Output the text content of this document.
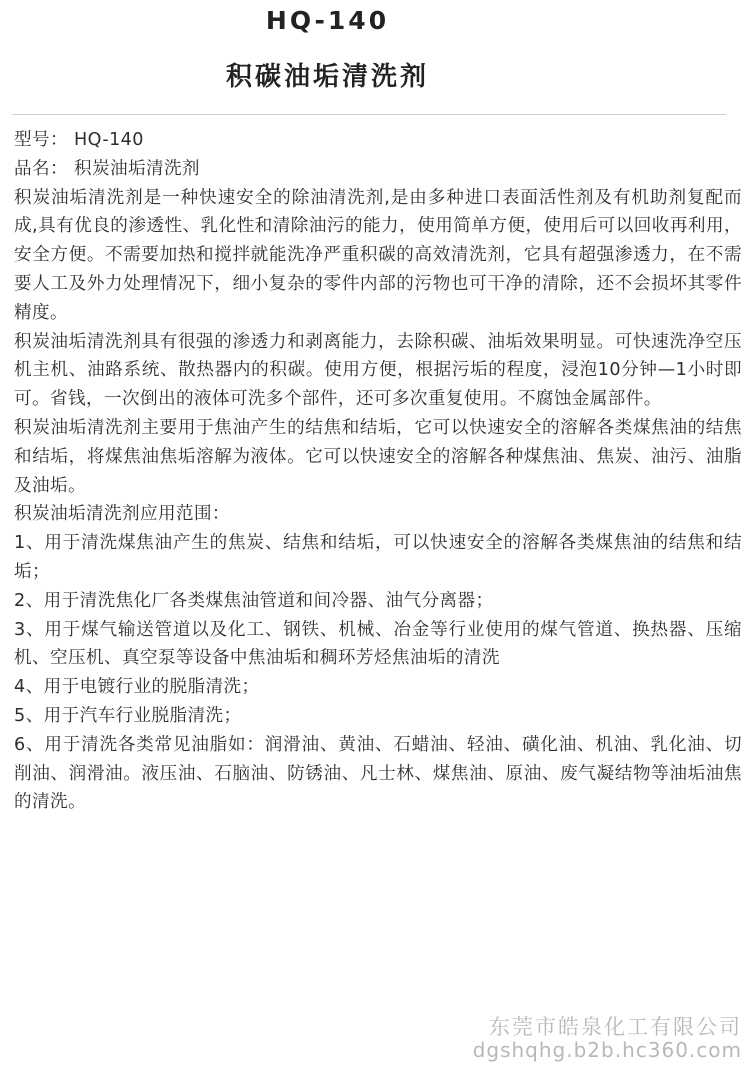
HQ-140
积碳油垢清洗剂

型号： HQ-140

品名： 积炭油垢清洗剂

积炭油垢清洗剂是一种快速安全的除油清洗剂,是由多种进口表面活性剂及有机助剂复配而成,具有优良的渗透性、乳化性和清除油污的能力，使用简单方便，使用后可以回收再利用，安全方便。不需要加热和搅拌就能洗净严重积碳的高效清洗剂，它具有超强渗透力，在不需要人工及外力处理情况下，细小复杂的零件内部的污物也可干净的清除，还不会损坏其零件精度。

积炭油垢清洗剂具有很强的渗透力和剥离能力，去除积碳、油垢效果明显。可快速洗净空压机主机、油路系统、散热器内的积碳。使用方便，根据污垢的程度，浸泡10分钟—1小时即可。省钱，一次倒出的液体可洗多个部件，还可多次重复使用。不腐蚀金属部件。

积炭油垢清洗剂主要用于焦油产生的结焦和结垢，它可以快速安全的溶解各类煤焦油的结焦和结垢，将煤焦油焦垢溶解为液体。它可以快速安全的溶解各种煤焦油、焦炭、油污、油脂及油垢。

积炭油垢清洗剂应用范围：

1、用于清洗煤焦油产生的焦炭、结焦和结垢，可以快速安全的溶解各类煤焦油的结焦和结垢；

2、用于清洗焦化厂各类煤焦油管道和间冷器、油气分离器；

3、用于煤气输送管道以及化工、钢铁、机械、冶金等行业使用的煤气管道、换热器、压缩机、空压机、真空泵等设备中焦油垢和稠环芳烃焦油垢的清洗

4、用于电镀行业的脱脂清洗；

5、用于汽车行业脱脂清洗；

6、用于清洗各类常见油脂如：润滑油、黄油、石蜡油、轻油、磺化油、机油、乳化油、切削油、润滑油。液压油、石脑油、防锈油、凡士林、煤焦油、原油、废气凝结物等油垢油焦的清洗。

东莞市皓泉化工有限公司
dgshqhg.b2b.hc360.com
